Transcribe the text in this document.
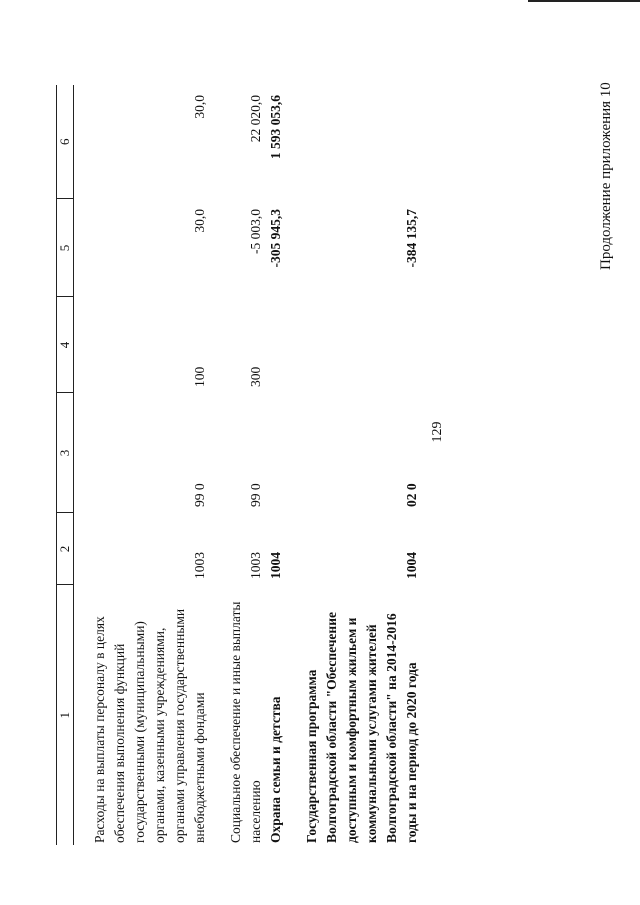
129
Продолжение приложения 10
1	2	3	4	5	6

Расходы на выплаты персоналу в целях обеспечения выполнения функций государственными (муниципальными) органами, казенными учреждениями, органами управления государственными внебюджетными фондами	1003	99 0	100	30,0	30,0

Социальное обеспечение и иные выплаты населению	1003	99 0	300	-5 003,0	22 020,0
Охрана семьи и детства	1004			-305 945,3	1 593 053,6

Государственная программа Волгоградской области "Обеспечение доступным и комфортным жильем и коммунальными услугами жителей Волгоградской области" на 2014-2016 годы и на период до 2020 года	1004	02 0		-384 135,7	
